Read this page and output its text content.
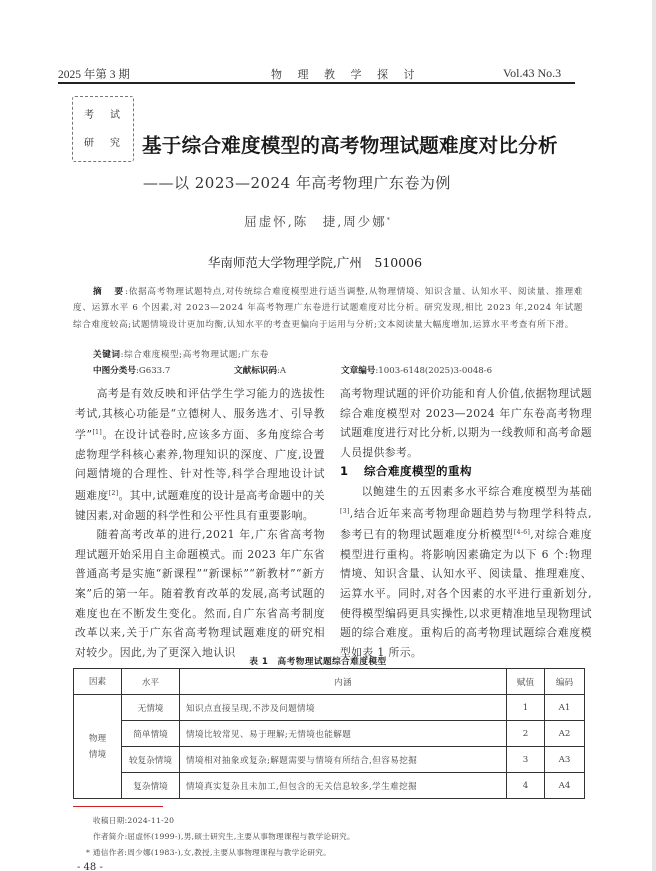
2025 年第 3 期	物 理 教 学 探 讨	Vol.43 No.3
考 试
研 究 基于综合难度模型的高考物理试题难度对比分析
——以 2023—2024 年高考物理广东卷为例
屈虚怀,陈　捷,周少娜*
华南师范大学物理学院,广州　510006
摘　要:依据高考物理试题特点,对传统综合难度模型进行适当调整,从物理情境、知识含量、认知水平、阅读量、推理难度、运算水平 6 个因素,对 2023—2024 年高考物理广东卷进行试题难度对比分析。研究发现,相比 2023 年,2024 年试题综合难度较高;试题情境设计更加均衡,认知水平的考查更偏向于运用与分析;文本阅读量大幅度增加,运算水平考查有所下滑。
关键词:综合难度模型;高考物理试题;广东卷
中图分类号:G633.7	文献标识码:A	文章编号:1003-6148(2025)3-0048-6

高考是有效反映和评估学生学习能力的选拔性考试,其核心功能是“立德树人、服务选才、引导教学”[1]。在设计试卷时,应该多方面、多角度综合考虑物理学科核心素养,物理知识的深度、广度,设置问题情境的合理性、针对性等,科学合理地设计试题难度[2]。其中,试题难度的设计是高考命题中的关键因素,对命题的科学性和公平性具有重要影响。

随着高考改革的进行,2021 年,广东省高考物理试题开始采用自主命题模式。而 2023 年广东省普通高考是实施“新课程”“新课标”“新教材”“新方案”后的第一年。随着教育改革的发展,高考试题的难度也在不断发生变化。然而,自广东省高考制度改革以来,关于广东省高考物理试题难度的研究相对较少。因此,为了更深入地认识

高考物理试题的评价功能和育人价值,依据物理试题综合难度模型对 2023—2024 年广东卷高考物理试题难度进行对比分析,以期为一线教师和高考命题人员提供参考。

1 综合难度模型的重构

以鲍建生的五因素多水平综合难度模型为基础[3],结合近年来高考物理命题趋势与物理学科特点,参考已有的物理试题难度分析模型[4-6],对综合难度模型进行重构。将影响因素确定为以下 6 个:物理情境、知识含量、认知水平、阅读量、推理难度、运算水平。同时,对各个因素的水平进行重新划分,使得模型编码更具实操性,以求更精准地呈现物理试题的综合难度。重构后的高考物理试题综合难度模型如表 1 所示。

表 1　高考物理试题综合难度模型
因素	水平	内涵	赋值	编码

物理
情境	无情境	知识点直接呈现,不涉及问题情境	1	A1
	简单情境	情境比较常见、易于理解;无情境也能解题	2	A2
	较复杂情境	情境相对抽象或复杂;解题需要与情境有所结合,但容易挖掘	3	A3
	复杂情境	情境真实复杂且未加工,但包含的无关信息较多,学生难挖掘	4	A4
收稿日期:2024-11-20
作者简介:屈虚怀(1999-),男,硕士研究生,主要从事物理课程与教学论研究。
* 通信作者:周少娜(1983-),女,教授,主要从事物理课程与教学论研究。
- 48 -
